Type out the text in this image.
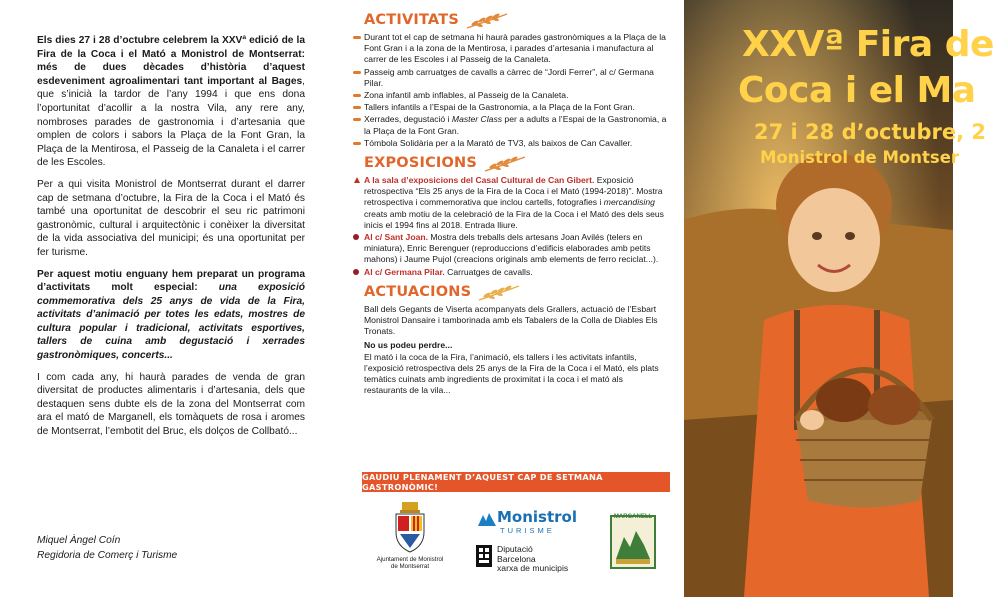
Els dies 27 i 28 d’octubre celebrem la XXVª edició de la Fira de la Coca i el Mató a Monistrol de Montserrat: més de dues dècades d’història d’aquest esdeveniment agroalimentari tant important al Bages, que s’inicià la tardor de l’any 1994 i que ens dona l’oportunitat d’acollir a la nostra Vila, any rere any, nombroses parades de gastronomia i d’artesania que omplen de colors i sabors la Plaça de la Font Gran, la Plaça de la Mentirosa, el Passeig de la Canaleta i el carrer de les Escoles.

Per a qui visita Monistrol de Montserrat durant el darrer cap de setmana d’octubre, la Fira de la Coca i el Mató és també una oportunitat de descobrir el seu ric patrimoni gastronòmic, cultural i arquitectònic i conèixer la diversitat de la vida associativa del municipi; és una oportunitat per fer turisme.

Per aquest motiu enguany hem preparat un programa d’activitats molt especial: una exposició commemorativa dels 25 anys de vida de la Fira, activitats d’animació per totes les edats, mostres de cultura popular i tradicional, activitats esportives, tallers de cuina amb degustació i xerrades gastronòmiques, concerts...

I com cada any, hi haurà parades de venda de gran diversitat de productes alimentaris i d’artesania, dels que destaquen sens dubte els de la zona del Montserrat com ara el mató de Marganell, els tomàquets de rosa i aromes de Montserrat, l’embotit del Bruc, els dolços de Collbató...

Miquel Àngel Coín
Regidoria de Comerç i Turisme
ACTIVITATS
Durant tot el cap de setmana hi haurà parades gastronòmiques a la Plaça de la Font Gran i a la zona de la Mentirosa, i parades d’artesania i manufactura al carrer de les Escoles i al Passeig de la Canaleta.
Passeig amb carruatges de cavalls a càrrec de “Jordi Ferrer”, al c/ Germana Pilar.
Zona infantil amb inflables, al Passeig de la Canaleta.
Tallers infantils a l’Espai de la Gastronomia, a la Plaça de la Font Gran.
Xerrades, degustació i Master Class per a adults a l’Espai de la Gastronomia, a la Plaça de la Font Gran.
Tómbola Solidària per a la Marató de TV3, als baixos de Can Cavaller.
EXPOSICIONS
A la sala d’exposicions del Casal Cultural de Can Gibert. Exposició retrospectiva “Els 25 anys de la Fira de la Coca i el Mató (1994-2018)”. Mostra retrospectiva i commemorativa que inclou cartells, fotografies i mercandising creats amb motiu de la celebració de la Fira de la Coca i el Mató des dels seus inicis el 1994 fins al 2018. Entrada lliure.
Al c/ Sant Joan. Mostra dels treballs dels artesans Joan Avilés (telers en miniatura), Enric Berenguer (reproduccions d’edificis elaborades amb petits mahons) i Jaume Pujol (creacions originals amb elements de ferro reciclat...).
Al c/ Germana Pilar. Carruatges de cavalls.
ACTUACIONS
Ball dels Gegants de Viserta acompanyats dels Grallers, actuació de l’Esbart Monistrol Dansaire i tamborinada amb els Tabalers de la Colla de Diables Els Tronats.
No us podeu perdre...
El mató i la coca de la Fira, l’animació, els tallers i les activitats infantils, l’exposició retrospectiva dels 25 anys de la Fira de la Coca i el Mató, els plats temàtics cuinats amb ingredients de proximitat i la coca i el mató als restaurants de la vila...
GAUDIU PLENAMENT D’AQUEST CAP DE SETMANA GASTRONÒMIC!
Ajuntament de Monistrol
de Montserrat
Monistrol
TURISME
Diputació
Barcelona
xarxa de municipis
MARGANELL
XXVª Fira de
Coca i el Ma
27 i 28 d’octubre, 2
Monistrol de Montser
